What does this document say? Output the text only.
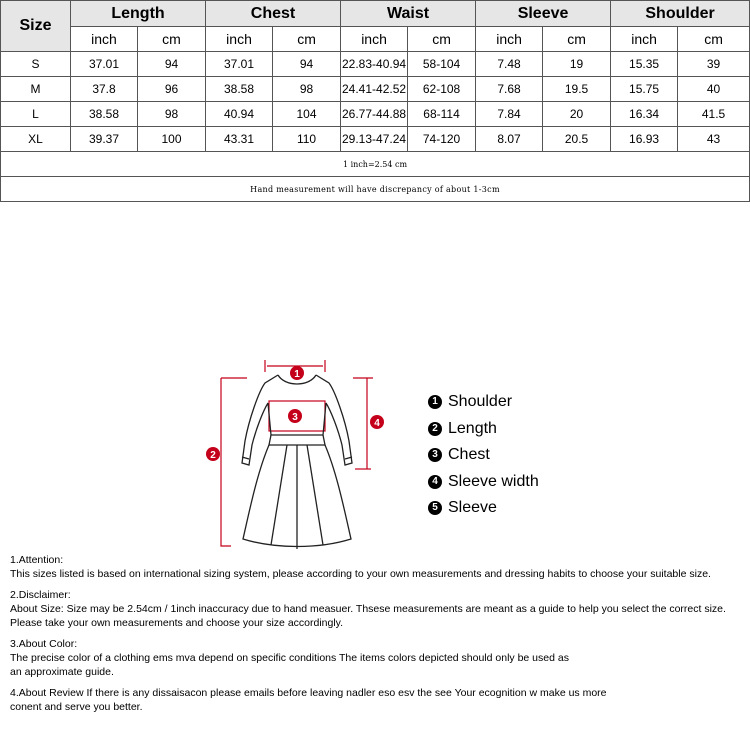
Size	Length		Chest		Waist		Sleeve		Shoulder	
	inch	cm	inch	cm	inch	cm	inch	cm	inch	cm
S	37.01	94	37.01	94	22.83-40.94	58-104	7.48	19	15.35	39
M	37.8	96	38.58	98	24.41-42.52	62-108	7.68	19.5	15.75	40
L	38.58	98	40.94	104	26.77-44.88	68-114	7.84	20	16.34	41.5
XL	39.37	100	43.31	110	29.13-47.24	74-120	8.07	20.5	16.93	43
1 inch=2.54 cm										
Hand measurement will have discrepancy of about 1-3cm										
1
3
2
4
1 Shoulder
2 Length
3 Chest
4 Sleeve width
5 Sleeve

1.Attention:
This sizes listed is based on international sizing system, please according to your own measurements and dressing habits to choose your suitable size.

2.Disclaimer:
About Size: Size may be 2.54cm / 1inch inaccuracy due to hand measuer. Thsese measurements are meant as a guide to help you select the correct size.
Please take your own measurements and choose your size accordingly.

3.About Color:
The precise color of a clothing ems mva depend on specific conditions The items colors depicted should only be used as
an approximate guide.

4.About Review If there is any dissaisacon please emails before leaving nadler eso esv the see Your ecognition w make us more
conent and serve you better.
